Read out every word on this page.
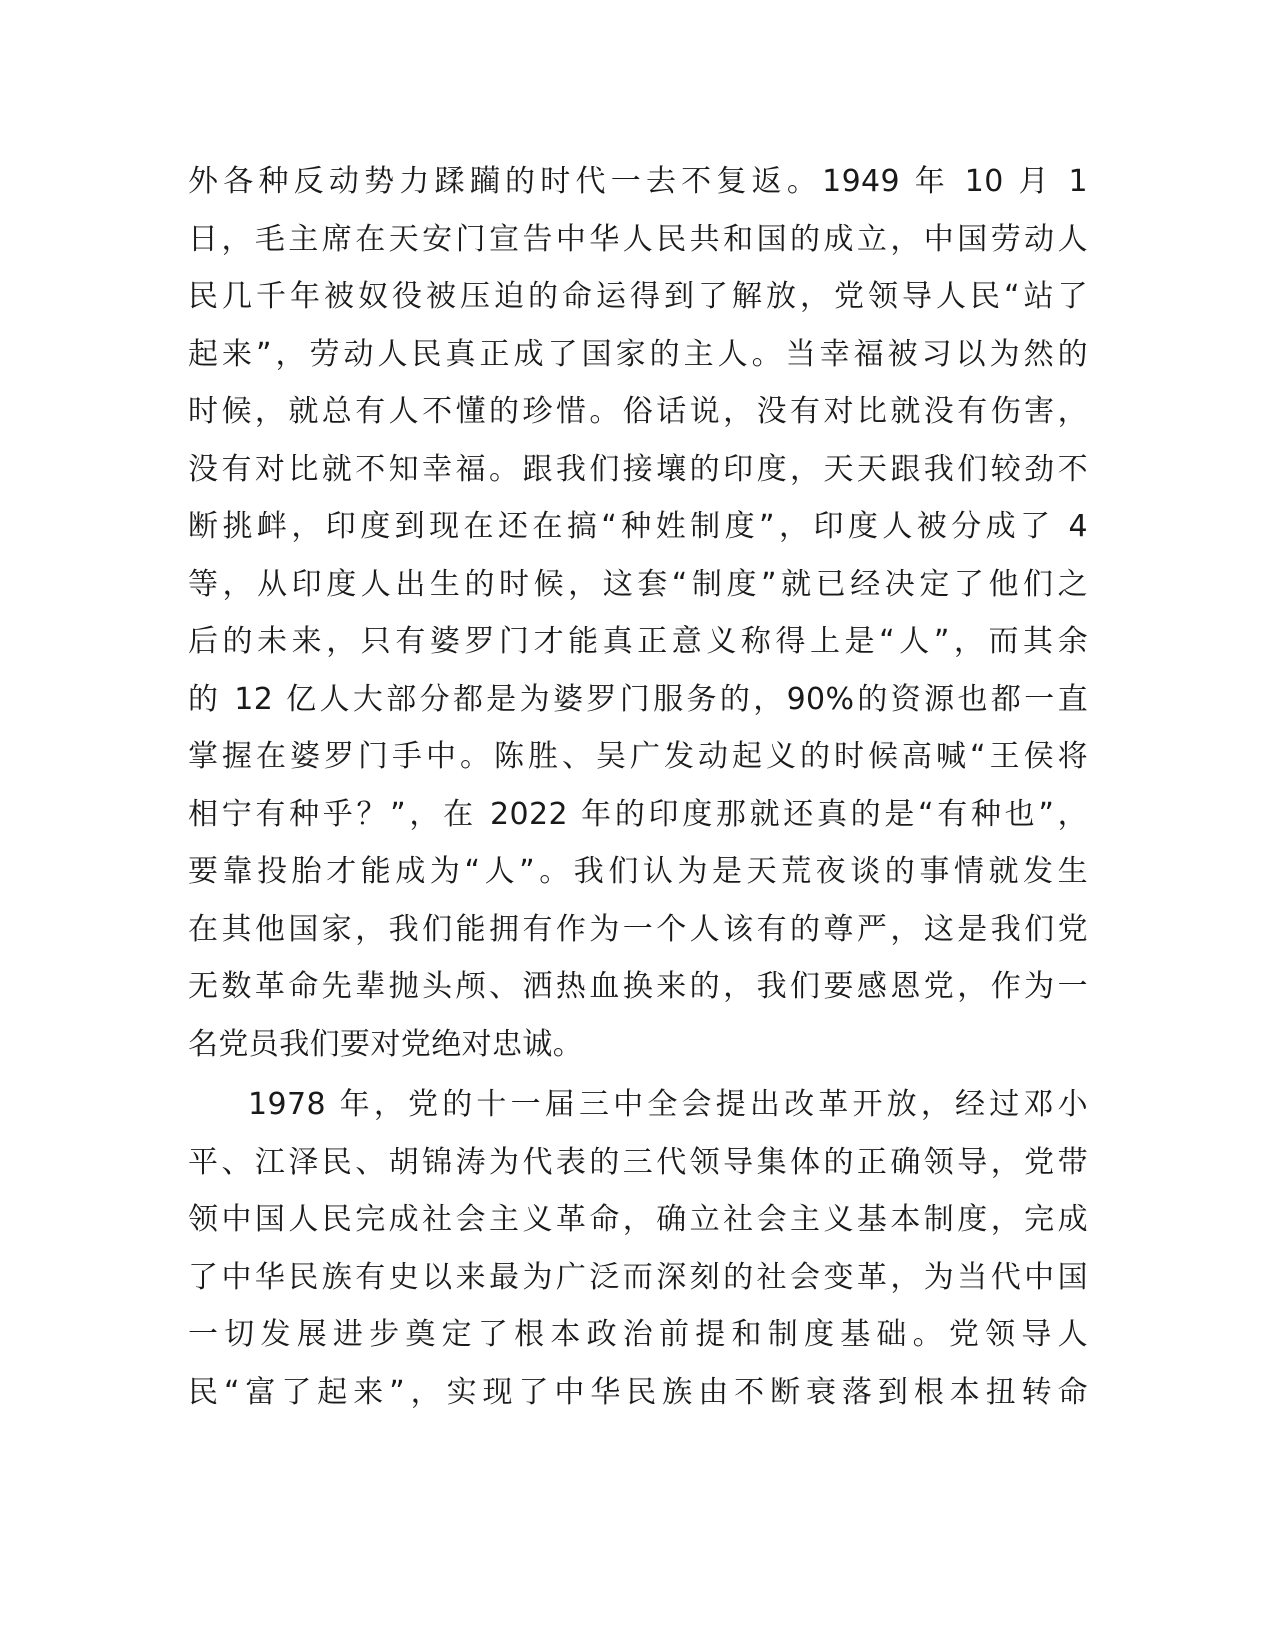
外各种反动势力蹂躏的时代一去不复返。1949 年 10 月 1
日，毛主席在天安门宣告中华人民共和国的成立，中国劳动人
民几千年被奴役被压迫的命运得到了解放，党领导人民“站了
起来”，劳动人民真正成了国家的主人。当幸福被习以为然的
时候，就总有人不懂的珍惜。俗话说，没有对比就没有伤害，
没有对比就不知幸福。跟我们接壤的印度，天天跟我们较劲不
断挑衅，印度到现在还在搞“种姓制度”，印度人被分成了 4
等，从印度人出生的时候，这套“制度”就已经决定了他们之
后的未来，只有婆罗门才能真正意义称得上是“人”，而其余
的 12 亿人大部分都是为婆罗门服务的，90%的资源也都一直
掌握在婆罗门手中。陈胜、吴广发动起义的时候高喊“王侯将
相宁有种乎？”，在 2022 年的印度那就还真的是“有种也”，
要靠投胎才能成为“人”。我们认为是天荒夜谈的事情就发生
在其他国家，我们能拥有作为一个人该有的尊严，这是我们党
无数革命先辈抛头颅、洒热血换来的，我们要感恩党，作为一
名党员我们要对党绝对忠诚。

1978 年，党的十一届三中全会提出改革开放，经过邓小
平、江泽民、胡锦涛为代表的三代领导集体的正确领导，党带
领中国人民完成社会主义革命，确立社会主义基本制度，完成
了中华民族有史以来最为广泛而深刻的社会变革，为当代中国
一切发展进步奠定了根本政治前提和制度基础。党领导人
民“富了起来”，实现了中华民族由不断衰落到根本扭转命
